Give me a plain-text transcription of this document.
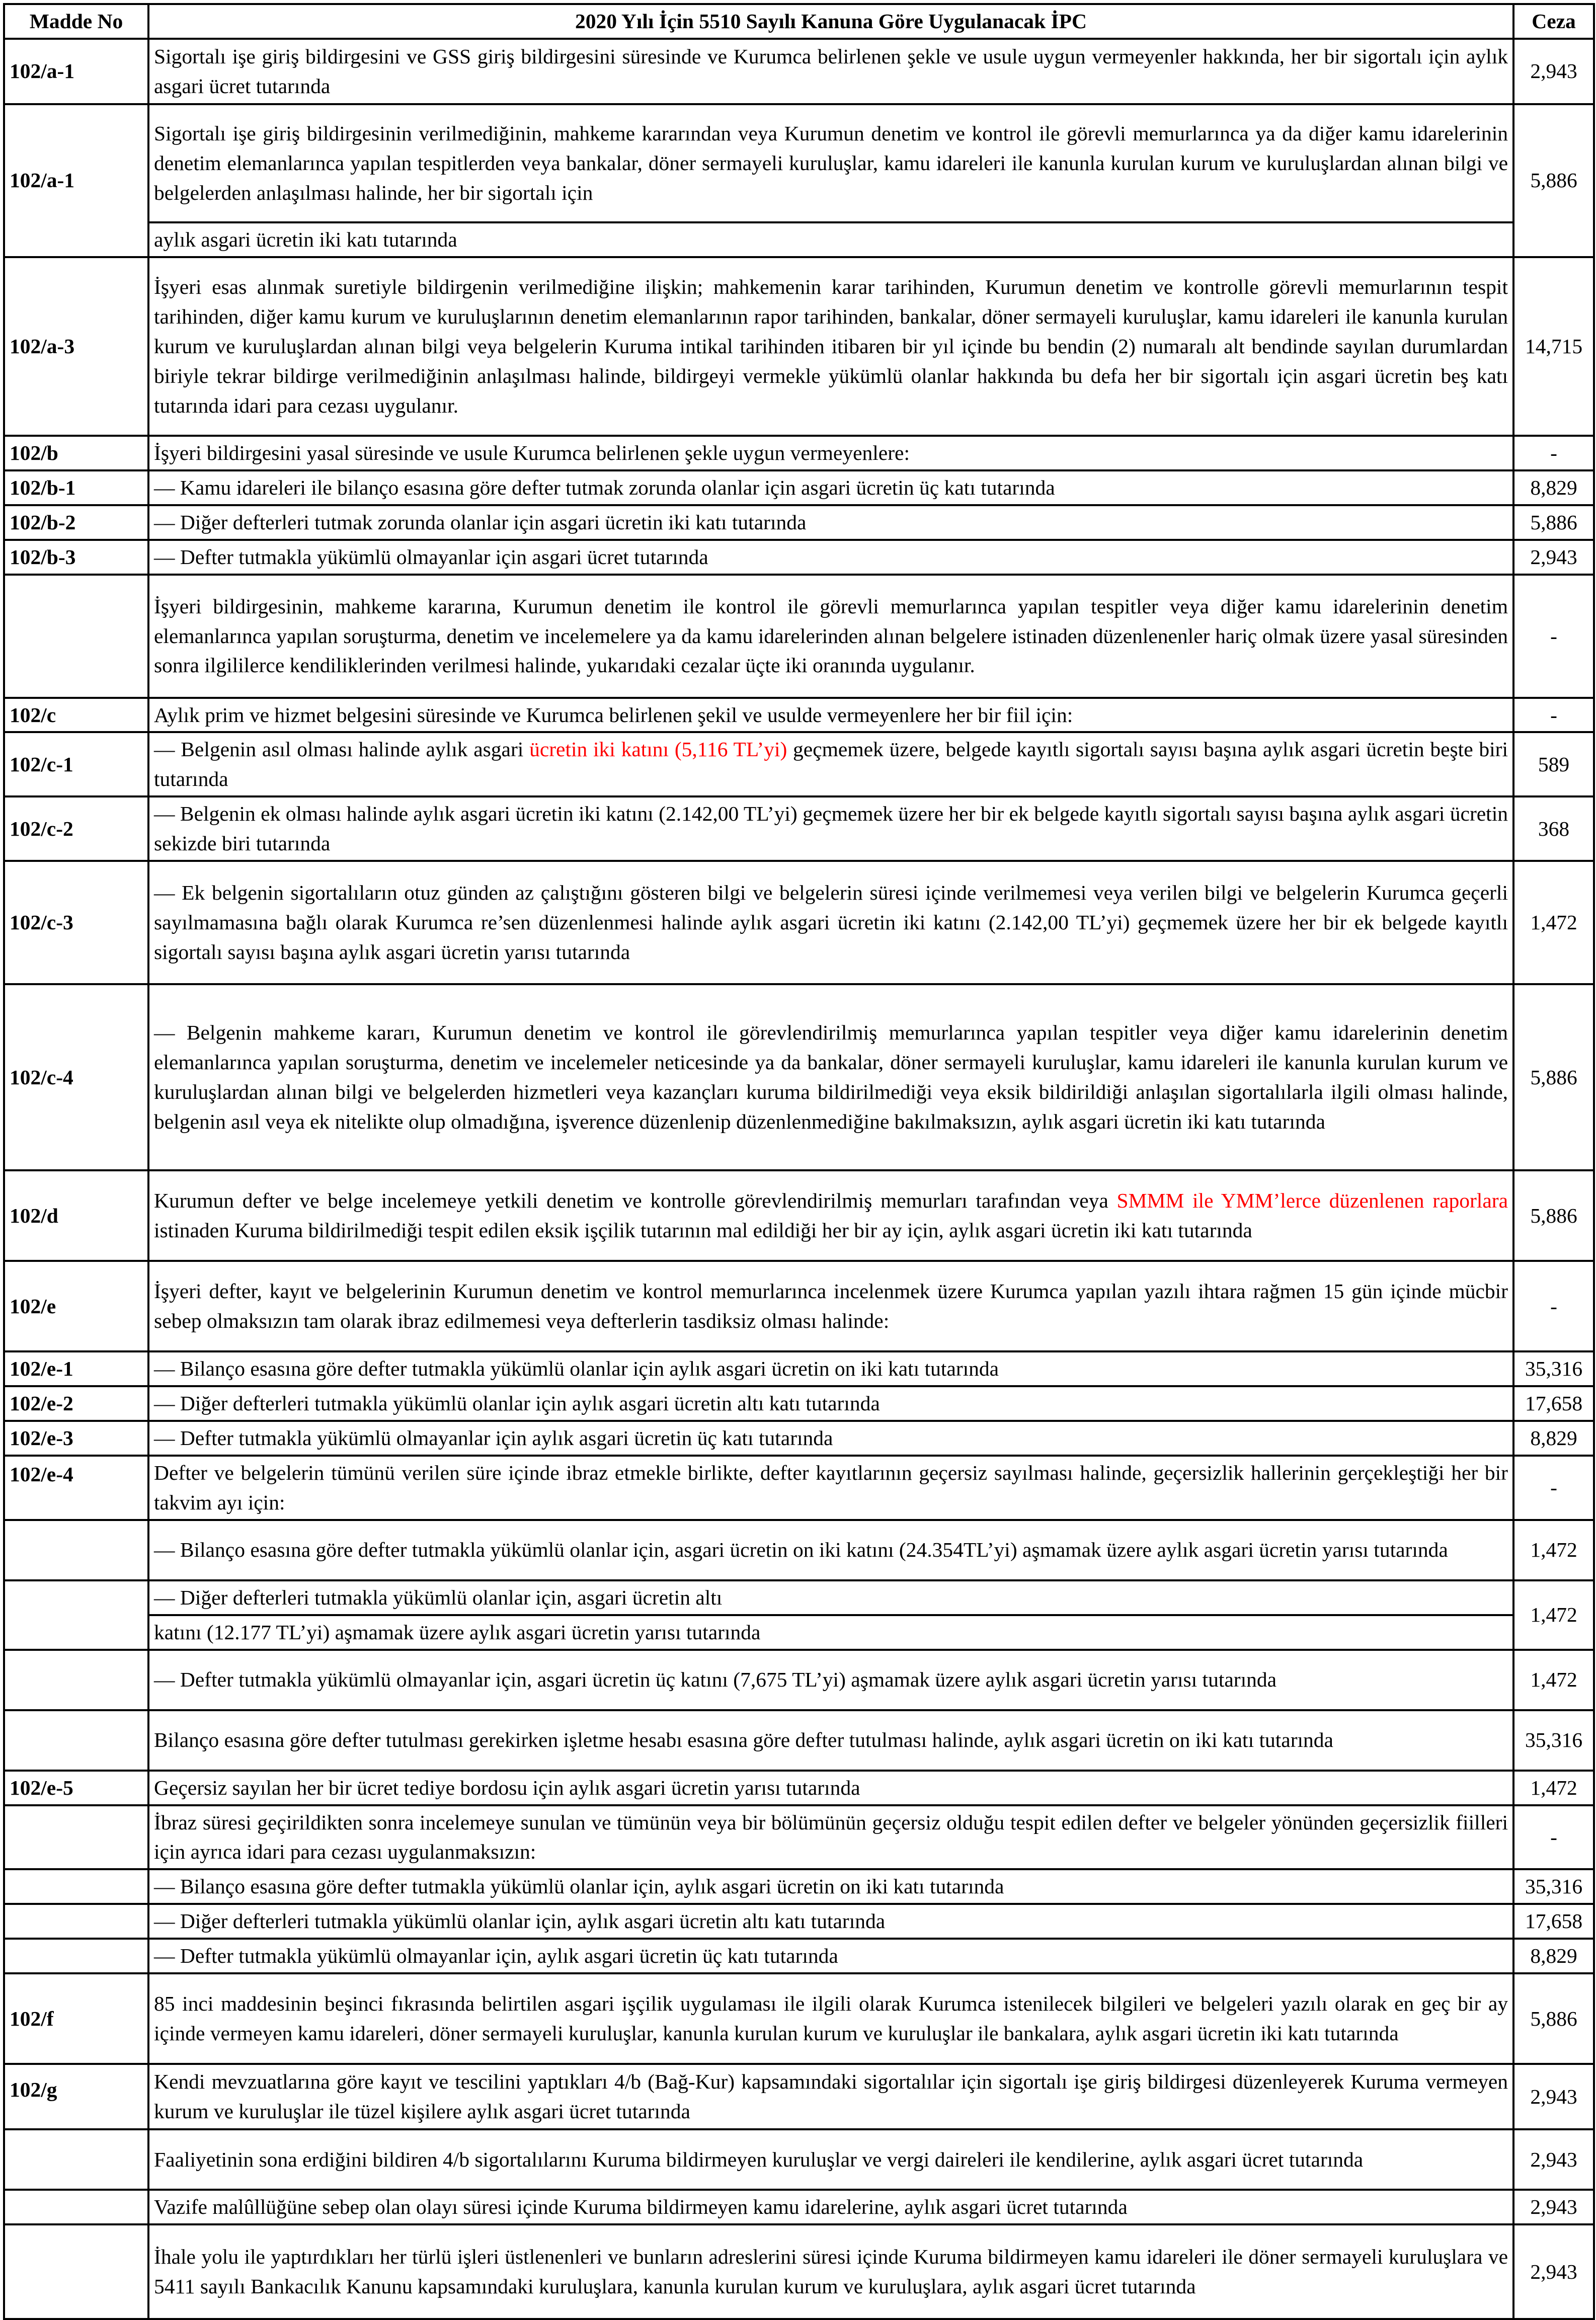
Madde No	2020 Yılı İçin 5510 Sayılı Kanuna Göre Uygulanacak İPC	Ceza
102/a-1	Sigortalı işe giriş bildirgesini ve GSS giriş bildirgesini süresinde ve Kurumca belirlenen şekle ve usule uygun vermeyenler hakkında, her bir sigortalı için aylık asgari ücret tutarında	2,943
102/a-1	Sigortalı işe giriş bildirgesinin verilmediğinin, mahkeme kararından veya Kurumun denetim ve kontrol ile görevli memurlarınca ya da diğer kamu idarelerinin denetim elemanlarınca yapılan tespitlerden veya bankalar, döner sermayeli kuruluşlar, kamu idareleri ile kanunla kurulan kurum ve kuruluşlardan alınan bilgi ve belgelerden anlaşılması halinde, her bir sigortalı için	5,886
	aylık asgari ücretin iki katı tutarında	
102/a-3	İşyeri esas alınmak suretiyle bildirgenin verilmediğine ilişkin; mahkemenin karar tarihinden, Kurumun denetim ve kontrolle görevli memurlarının tespit tarihinden, diğer kamu kurum ve kuruluşlarının denetim elemanlarının rapor tarihinden, bankalar, döner sermayeli kuruluşlar, kamu idareleri ile kanunla kurulan kurum ve kuruluşlardan alınan bilgi veya belgelerin Kuruma intikal tarihinden itibaren bir yıl içinde bu bendin (2) numaralı alt bendinde sayılan durumlardan biriyle tekrar bildirge verilmediğinin anlaşılması halinde, bildirgeyi vermekle yükümlü olanlar hakkında bu defa her bir sigortalı için asgari ücretin beş katı tutarında idari para cezası uygulanır.	14,715
102/b	İşyeri bildirgesini yasal süresinde ve usule Kurumca belirlenen şekle uygun vermeyenlere:	-
102/b-1	— Kamu idareleri ile bilanço esasına göre defter tutmak zorunda olanlar için asgari ücretin üç katı tutarında	8,829
102/b-2	— Diğer defterleri tutmak zorunda olanlar için asgari ücretin iki katı tutarında	5,886
102/b-3	— Defter tutmakla yükümlü olmayanlar için asgari ücret tutarında	2,943
	İşyeri bildirgesinin, mahkeme kararına, Kurumun denetim ile kontrol ile görevli memurlarınca yapılan tespitler veya diğer kamu idarelerinin denetim elemanlarınca yapılan soruşturma, denetim ve incelemelere ya da kamu idarelerinden alınan belgelere istinaden düzenlenenler hariç olmak üzere yasal süresinden sonra ilgililerce kendiliklerinden verilmesi halinde, yukarıdaki cezalar üçte iki oranında uygulanır.	-
102/c	Aylık prim ve hizmet belgesini süresinde ve Kurumca belirlenen şekil ve usulde vermeyenlere her bir fiil için:	-
102/c-1	— Belgenin asıl olması halinde aylık asgari ücretin iki katını (5,116 TL’yi) geçmemek üzere, belgede kayıtlı sigortalı sayısı başına aylık asgari ücretin beşte biri tutarında	589
102/c-2	— Belgenin ek olması halinde aylık asgari ücretin iki katını (2.142,00 TL’yi) geçmemek üzere her bir ek belgede kayıtlı sigortalı sayısı başına aylık asgari ücretin sekizde biri tutarında	368
102/c-3	— Ek belgenin sigortalıların otuz günden az çalıştığını gösteren bilgi ve belgelerin süresi içinde verilmemesi veya verilen bilgi ve belgelerin Kurumca geçerli sayılmamasına bağlı olarak Kurumca re’sen düzenlenmesi halinde aylık asgari ücretin iki katını (2.142,00 TL’yi) geçmemek üzere her bir ek belgede kayıtlı sigortalı sayısı başına aylık asgari ücretin yarısı tutarında	1,472
102/c-4	— Belgenin mahkeme kararı, Kurumun denetim ve kontrol ile görevlendirilmiş memurlarınca yapılan tespitler veya diğer kamu idarelerinin denetim elemanlarınca yapılan soruşturma, denetim ve incelemeler neticesinde ya da bankalar, döner sermayeli kuruluşlar, kamu idareleri ile kanunla kurulan kurum ve kuruluşlardan alınan bilgi ve belgelerden hizmetleri veya kazançları kuruma bildirilmediği veya eksik bildirildiği anlaşılan sigortalılarla ilgili olması halinde, belgenin asıl veya ek nitelikte olup olmadığına, işverence düzenlenip düzenlenmediğine bakılmaksızın, aylık asgari ücretin iki katı tutarında	5,886
102/d	Kurumun defter ve belge incelemeye yetkili denetim ve kontrolle görevlendirilmiş memurları tarafından veya SMMM ile YMM’lerce düzenlenen raporlara istinaden Kuruma bildirilmediği tespit edilen eksik işçilik tutarının mal edildiği her bir ay için, aylık asgari ücretin iki katı tutarında	5,886
102/e	İşyeri defter, kayıt ve belgelerinin Kurumun denetim ve kontrol memurlarınca incelenmek üzere Kurumca yapılan yazılı ihtara rağmen 15 gün içinde mücbir sebep olmaksızın tam olarak ibraz edilmemesi veya defterlerin tasdiksiz olması halinde:	-
102/e-1	— Bilanço esasına göre defter tutmakla yükümlü olanlar için aylık asgari ücretin on iki katı tutarında	35,316
102/e-2	— Diğer defterleri tutmakla yükümlü olanlar için aylık asgari ücretin altı katı tutarında	17,658
102/e-3	— Defter tutmakla yükümlü olmayanlar için aylık asgari ücretin üç katı tutarında	8,829
102/e-4	Defter ve belgelerin tümünü verilen süre içinde ibraz etmekle birlikte, defter kayıtlarının geçersiz sayılması halinde, geçersizlik hallerinin gerçekleştiği her bir takvim ayı için:	-
	— Bilanço esasına göre defter tutmakla yükümlü olanlar için, asgari ücretin on iki katını (24.354TL’yi) aşmamak üzere aylık asgari ücretin yarısı tutarında	1,472
	— Diğer defterleri tutmakla yükümlü olanlar için, asgari ücretin altı	1,472
	katını (12.177 TL’yi) aşmamak üzere aylık asgari ücretin yarısı tutarında	
	— Defter tutmakla yükümlü olmayanlar için, asgari ücretin üç katını (7,675 TL’yi) aşmamak üzere aylık asgari ücretin yarısı tutarında	1,472
	Bilanço esasına göre defter tutulması gerekirken işletme hesabı esasına göre defter tutulması halinde, aylık asgari ücretin on iki katı tutarında	35,316
102/e-5	Geçersiz sayılan her bir ücret tediye bordosu için aylık asgari ücretin yarısı tutarında	1,472
	İbraz süresi geçirildikten sonra incelemeye sunulan ve tümünün veya bir bölümünün geçersiz olduğu tespit edilen defter ve belgeler yönünden geçersizlik fiilleri için ayrıca idari para cezası uygulanmaksızın:	-
	— Bilanço esasına göre defter tutmakla yükümlü olanlar için, aylık asgari ücretin on iki katı tutarında	35,316
	— Diğer defterleri tutmakla yükümlü olanlar için, aylık asgari ücretin altı katı tutarında	17,658
	— Defter tutmakla yükümlü olmayanlar için, aylık asgari ücretin üç katı tutarında	8,829
102/f	85 inci maddesinin beşinci fıkrasında belirtilen asgari işçilik uygulaması ile ilgili olarak Kurumca istenilecek bilgileri ve belgeleri yazılı olarak en geç bir ay içinde vermeyen kamu idareleri, döner sermayeli kuruluşlar, kanunla kurulan kurum ve kuruluşlar ile bankalara, aylık asgari ücretin iki katı tutarında	5,886
102/g	Kendi mevzuatlarına göre kayıt ve tescilini yaptıkları 4/b (Bağ-Kur) kapsamındaki sigortalılar için sigortalı işe giriş bildirgesi düzenleyerek Kuruma vermeyen kurum ve kuruluşlar ile tüzel kişilere aylık asgari ücret tutarında	2,943
	Faaliyetinin sona erdiğini bildiren 4/b sigortalılarını Kuruma bildirmeyen kuruluşlar ve vergi daireleri ile kendilerine, aylık asgari ücret tutarında	2,943
	Vazife malûllüğüne sebep olan olayı süresi içinde Kuruma bildirmeyen kamu idarelerine, aylık asgari ücret tutarında	2,943
	İhale yolu ile yaptırdıkları her türlü işleri üstlenenleri ve bunların adreslerini süresi içinde Kuruma bildirmeyen kamu idareleri ile döner sermayeli kuruluşlara ve 5411 sayılı Bankacılık Kanunu kapsamındaki kuruluşlara, kanunla kurulan kurum ve kuruluşlara, aylık asgari ücret tutarında	2,943
